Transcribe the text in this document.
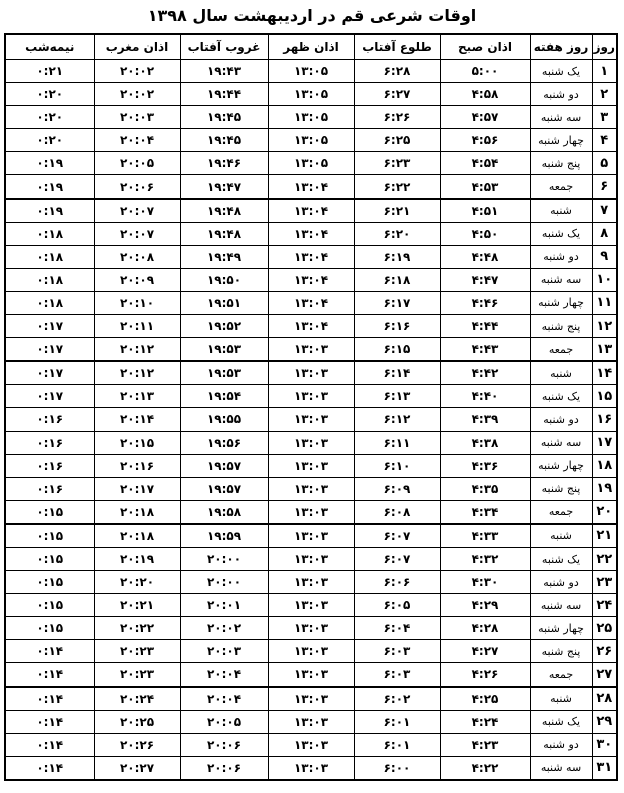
اوقات شرعی قم در اردیبهشت سال ۱۳۹۸
روز	روز هفته	اذان صبح	طلوع آفتاب	اذان ظهر	غروب آفتاب	اذان مغرب	نیمه‌شب
۱	یک شنبه	۵:۰۰	۶:۲۸	۱۳:۰۵	۱۹:۴۳	۲۰:۰۲	۰:۲۱
۲	دو شنبه	۴:۵۸	۶:۲۷	۱۳:۰۵	۱۹:۴۴	۲۰:۰۲	۰:۲۰
۳	سه شنبه	۴:۵۷	۶:۲۶	۱۳:۰۵	۱۹:۴۵	۲۰:۰۳	۰:۲۰
۴	چهار شنبه	۴:۵۶	۶:۲۵	۱۳:۰۵	۱۹:۴۵	۲۰:۰۴	۰:۲۰
۵	پنج شنبه	۴:۵۴	۶:۲۳	۱۳:۰۵	۱۹:۴۶	۲۰:۰۵	۰:۱۹
۶	جمعه	۴:۵۳	۶:۲۲	۱۳:۰۴	۱۹:۴۷	۲۰:۰۶	۰:۱۹
۷	شنبه	۴:۵۱	۶:۲۱	۱۳:۰۴	۱۹:۴۸	۲۰:۰۷	۰:۱۹
۸	یک شنبه	۴:۵۰	۶:۲۰	۱۳:۰۴	۱۹:۴۸	۲۰:۰۷	۰:۱۸
۹	دو شنبه	۴:۴۸	۶:۱۹	۱۳:۰۴	۱۹:۴۹	۲۰:۰۸	۰:۱۸
۱۰	سه شنبه	۴:۴۷	۶:۱۸	۱۳:۰۴	۱۹:۵۰	۲۰:۰۹	۰:۱۸
۱۱	چهار شنبه	۴:۴۶	۶:۱۷	۱۳:۰۴	۱۹:۵۱	۲۰:۱۰	۰:۱۸
۱۲	پنج شنبه	۴:۴۴	۶:۱۶	۱۳:۰۴	۱۹:۵۲	۲۰:۱۱	۰:۱۷
۱۳	جمعه	۴:۴۳	۶:۱۵	۱۳:۰۳	۱۹:۵۳	۲۰:۱۲	۰:۱۷
۱۴	شنبه	۴:۴۲	۶:۱۴	۱۳:۰۳	۱۹:۵۳	۲۰:۱۲	۰:۱۷
۱۵	یک شنبه	۴:۴۰	۶:۱۳	۱۳:۰۳	۱۹:۵۴	۲۰:۱۳	۰:۱۷
۱۶	دو شنبه	۴:۳۹	۶:۱۲	۱۳:۰۳	۱۹:۵۵	۲۰:۱۴	۰:۱۶
۱۷	سه شنبه	۴:۳۸	۶:۱۱	۱۳:۰۳	۱۹:۵۶	۲۰:۱۵	۰:۱۶
۱۸	چهار شنبه	۴:۳۶	۶:۱۰	۱۳:۰۳	۱۹:۵۷	۲۰:۱۶	۰:۱۶
۱۹	پنج شنبه	۴:۳۵	۶:۰۹	۱۳:۰۳	۱۹:۵۷	۲۰:۱۷	۰:۱۶
۲۰	جمعه	۴:۳۴	۶:۰۸	۱۳:۰۳	۱۹:۵۸	۲۰:۱۸	۰:۱۵
۲۱	شنبه	۴:۳۳	۶:۰۷	۱۳:۰۳	۱۹:۵۹	۲۰:۱۸	۰:۱۵
۲۲	یک شنبه	۴:۳۲	۶:۰۷	۱۳:۰۳	۲۰:۰۰	۲۰:۱۹	۰:۱۵
۲۳	دو شنبه	۴:۳۰	۶:۰۶	۱۳:۰۳	۲۰:۰۰	۲۰:۲۰	۰:۱۵
۲۴	سه شنبه	۴:۲۹	۶:۰۵	۱۳:۰۳	۲۰:۰۱	۲۰:۲۱	۰:۱۵
۲۵	چهار شنبه	۴:۲۸	۶:۰۴	۱۳:۰۳	۲۰:۰۲	۲۰:۲۲	۰:۱۵
۲۶	پنج شنبه	۴:۲۷	۶:۰۳	۱۳:۰۳	۲۰:۰۳	۲۰:۲۳	۰:۱۴
۲۷	جمعه	۴:۲۶	۶:۰۳	۱۳:۰۳	۲۰:۰۴	۲۰:۲۳	۰:۱۴
۲۸	شنبه	۴:۲۵	۶:۰۲	۱۳:۰۳	۲۰:۰۴	۲۰:۲۴	۰:۱۴
۲۹	یک شنبه	۴:۲۴	۶:۰۱	۱۳:۰۳	۲۰:۰۵	۲۰:۲۵	۰:۱۴
۳۰	دو شنبه	۴:۲۳	۶:۰۱	۱۳:۰۳	۲۰:۰۶	۲۰:۲۶	۰:۱۴
۳۱	سه شنبه	۴:۲۲	۶:۰۰	۱۳:۰۳	۲۰:۰۶	۲۰:۲۷	۰:۱۴
